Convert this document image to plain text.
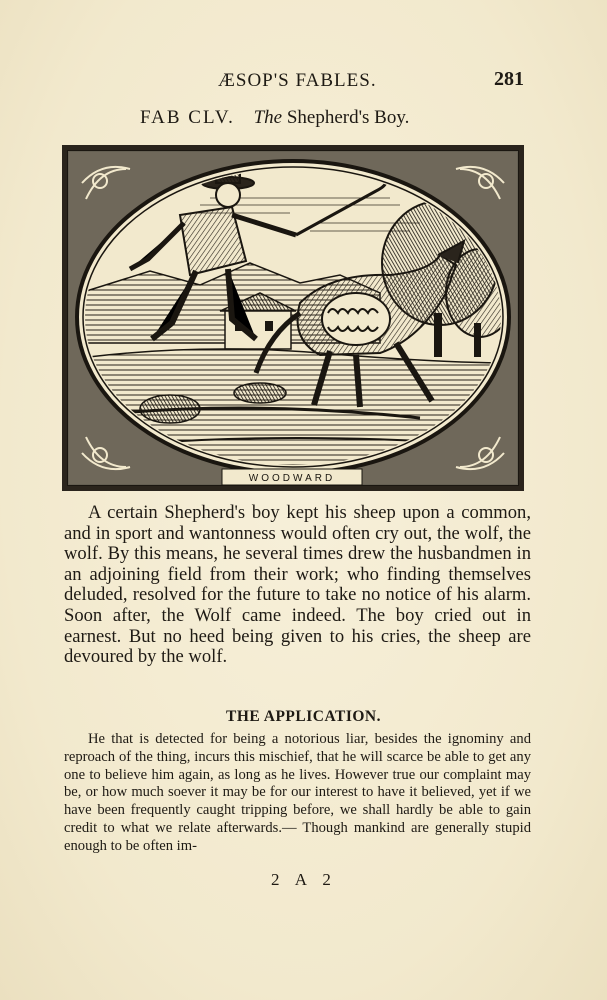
ÆSOP'S FABLES.	281
FAB CLV. The Shepherd's Boy.
WOODWARD

A certain Shepherd's boy kept his sheep upon a common, and in sport and wantonness would often cry out, the wolf, the wolf. By this means, he several times drew the husbandmen in an adjoining field from their work; who finding themselves deluded, resolved for the future to take no notice of his alarm. Soon after, the Wolf came indeed. The boy cried out in earnest. But no heed being given to his cries, the sheep are devoured by the wolf.

THE APPLICATION.

He that is detected for being a notorious liar, besides the ignominy and reproach of the thing, incurs this mischief, that he will scarce be able to get any one to believe him again, as long as he lives. However true our complaint may be, or how much soever it may be for our interest to have it believed, yet if we have been frequently caught tripping before, we shall hardly be able to gain credit to what we relate afterwards.— Though mankind are generally stupid enough to be often im-

2 A 2
